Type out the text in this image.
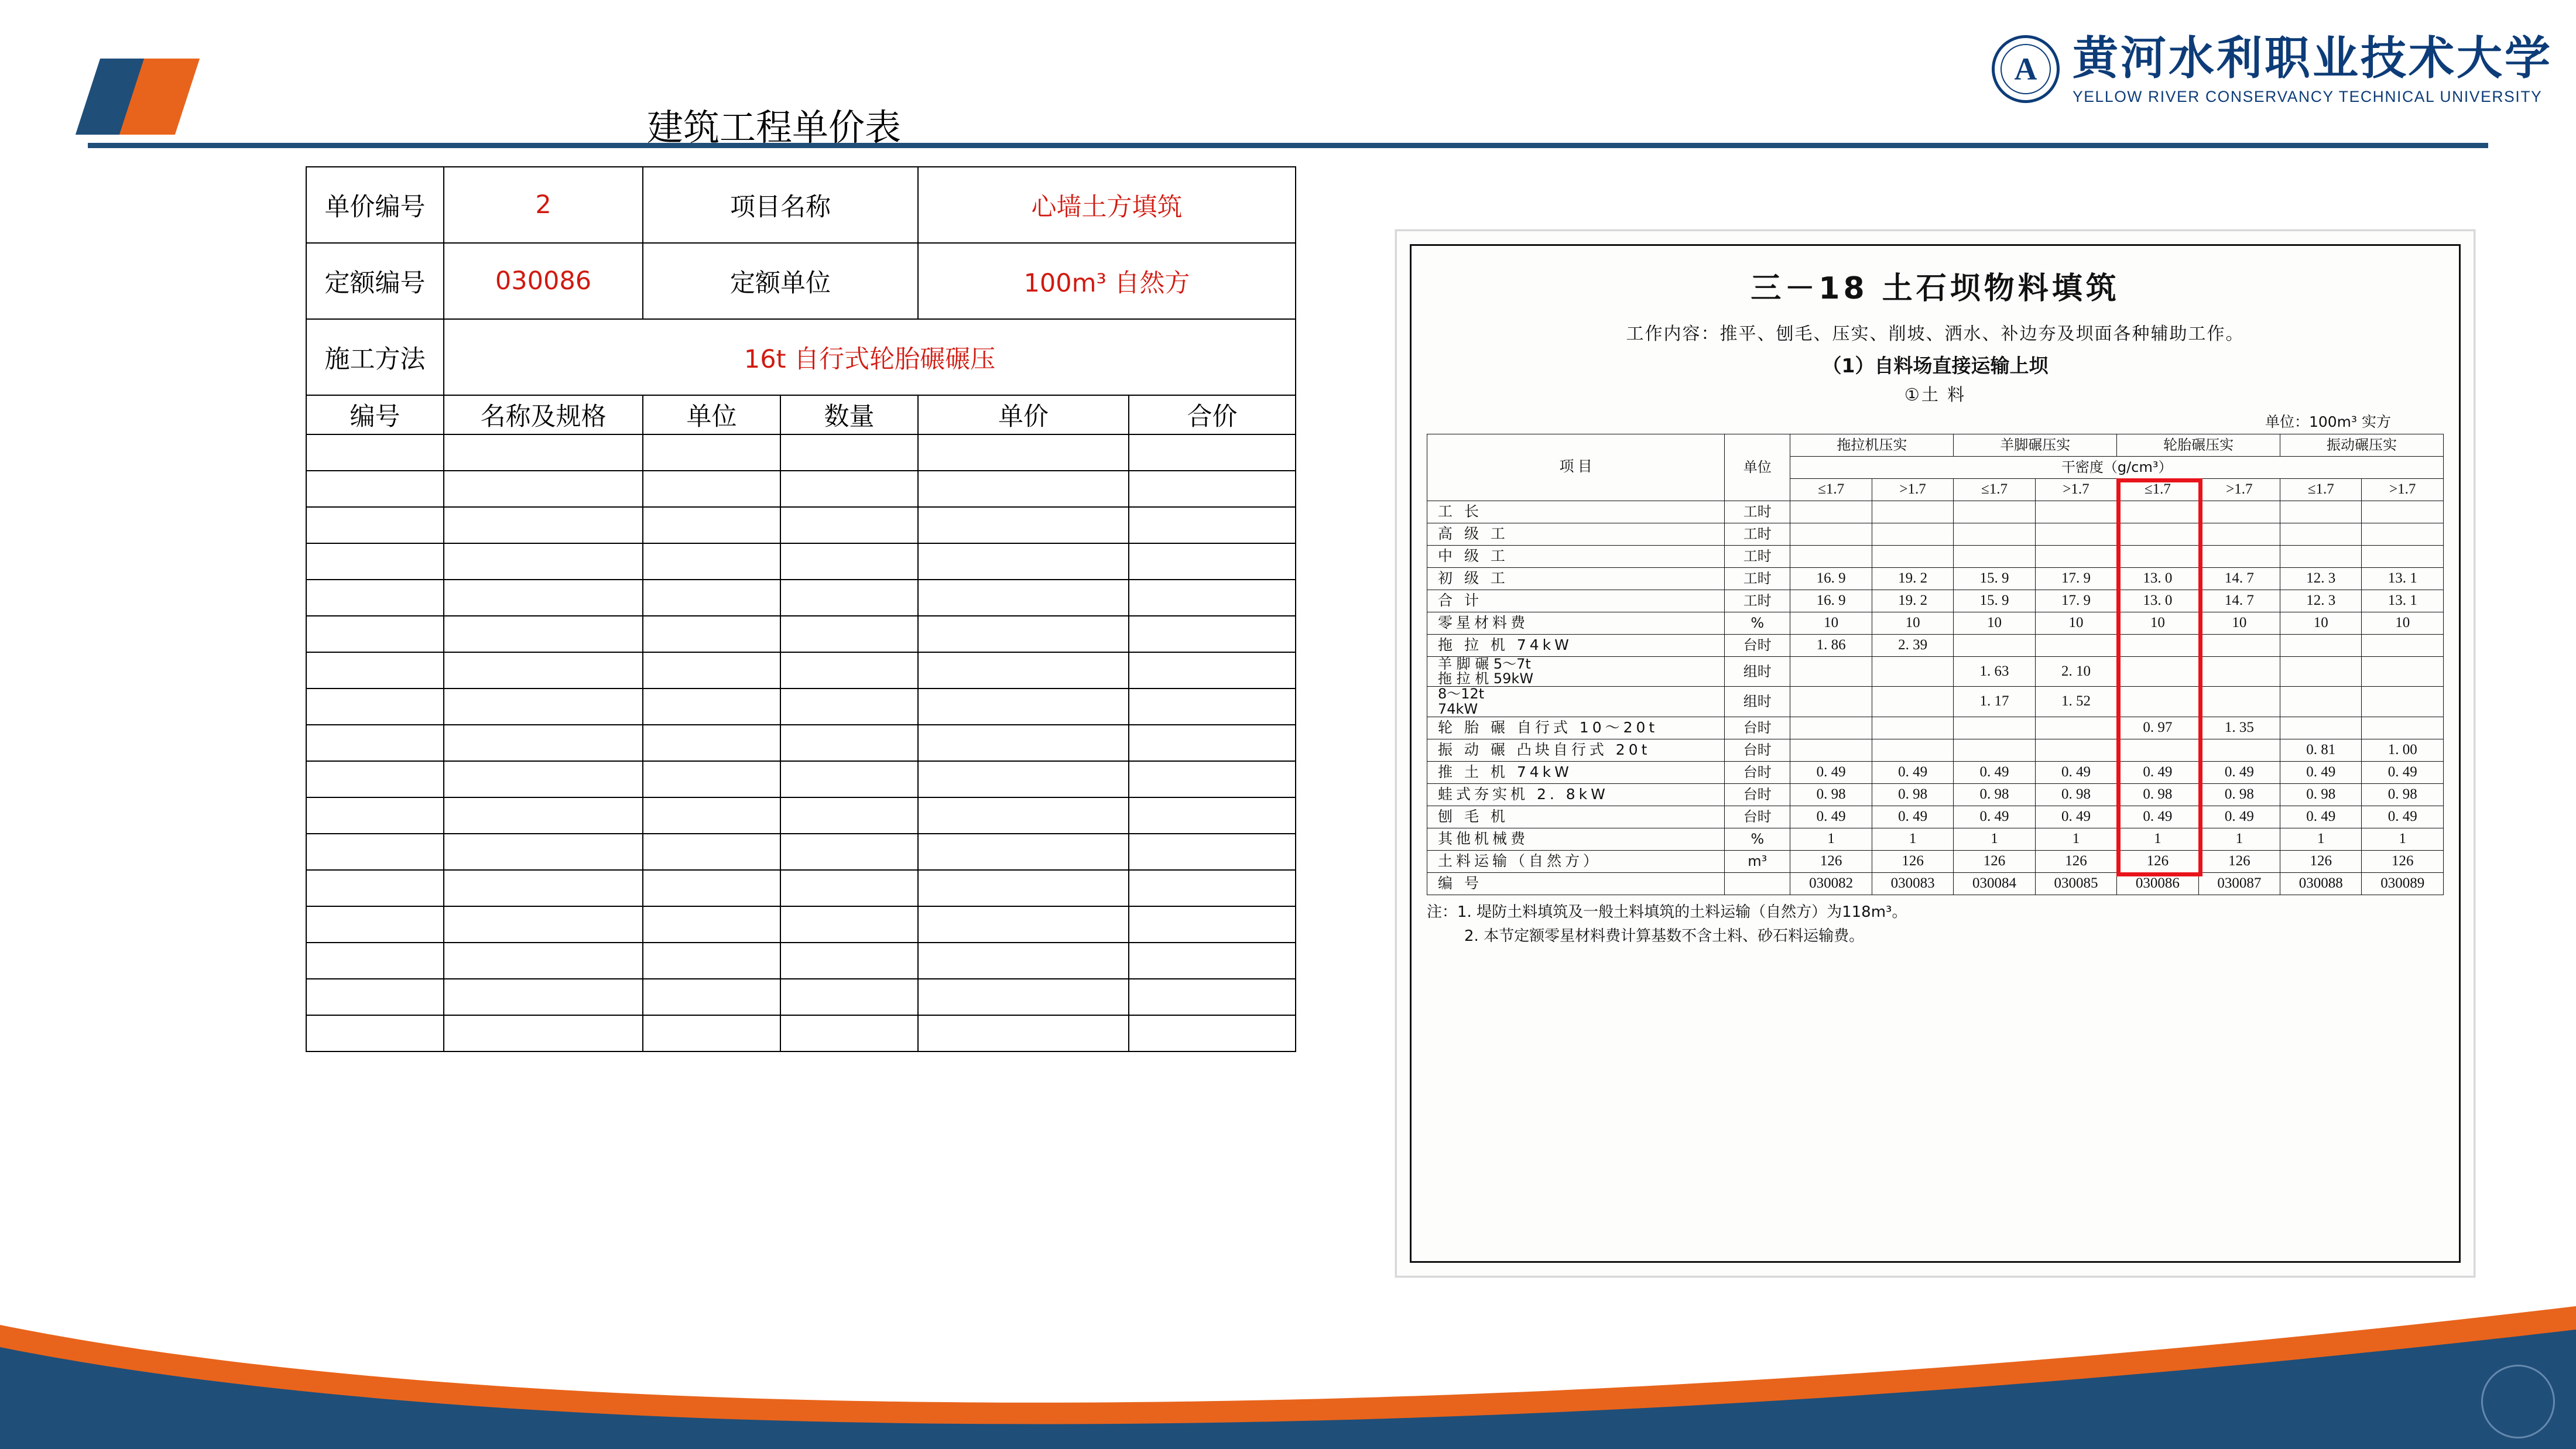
A 黄河水利职业技术大学
YELLOW RIVER CONSERVANCY TECHNICAL UNIVERSITY
建筑工程单价表
单价编号	2	项目名称		心墙土方填筑	
定额编号	030086	定额单位		100m³ 自然方	
施工方法	16t 自行式轮胎碾碾压				
编号	名称及规格	单位	数量	单价	合价

三－18 土石坝物料填筑
工作内容：推平、刨毛、压实、削坡、洒水、补边夯及坝面各种辅助工作。
（1）自料场直接运输上坝
①土 料
单位：100m³ 实方
项 目	单位	拖拉机压实		羊脚碾压实		轮胎碾压实		振动碾压实	
		干密度（g/cm³）							
		≤1.7	>1.7	≤1.7	>1.7	≤1.7	>1.7	≤1.7	>1.7
工 长	工时								
高 级 工	工时								
中 级 工	工时								
初 级 工	工时	16. 9	19. 2	15. 9	17. 9	13. 0	14. 7	12. 3	13. 1
合 计	工时	16. 9	19. 2	15. 9	17. 9	13. 0	14. 7	12. 3	13. 1
零星材料费	%	10	10	10	10	10	10	10	10
拖 拉 机 74kW	台时	1. 86	2. 39						
羊 脚 碾 5～7t
拖 拉 机 59kW	组时			1. 63	2. 10				
8～12t
74kW	组时			1. 17	1. 52				
轮 胎 碾 自行式 10～20t	台时					0. 97	1. 35		
振 动 碾 凸块自行式 20t	台时							0. 81	1. 00
推 土 机 74kW	台时	0. 49	0. 49	0. 49	0. 49	0. 49	0. 49	0. 49	0. 49
蛙式夯实机 2. 8kW	台时	0. 98	0. 98	0. 98	0. 98	0. 98	0. 98	0. 98	0. 98
刨 毛 机	台时	0. 49	0. 49	0. 49	0. 49	0. 49	0. 49	0. 49	0. 49
其他机械费	%	1	1	1	1	1	1	1	1
土料运输（自然方）	m³	126	126	126	126	126	126	126	126
编 号		030082	030083	030084	030085	030086	030087	030088	030089
注：1. 堤防土料填筑及一般土料填筑的土料运输（自然方）为118m³。
2. 本节定额零星材料费计算基数不含土料、砂石料运输费。
